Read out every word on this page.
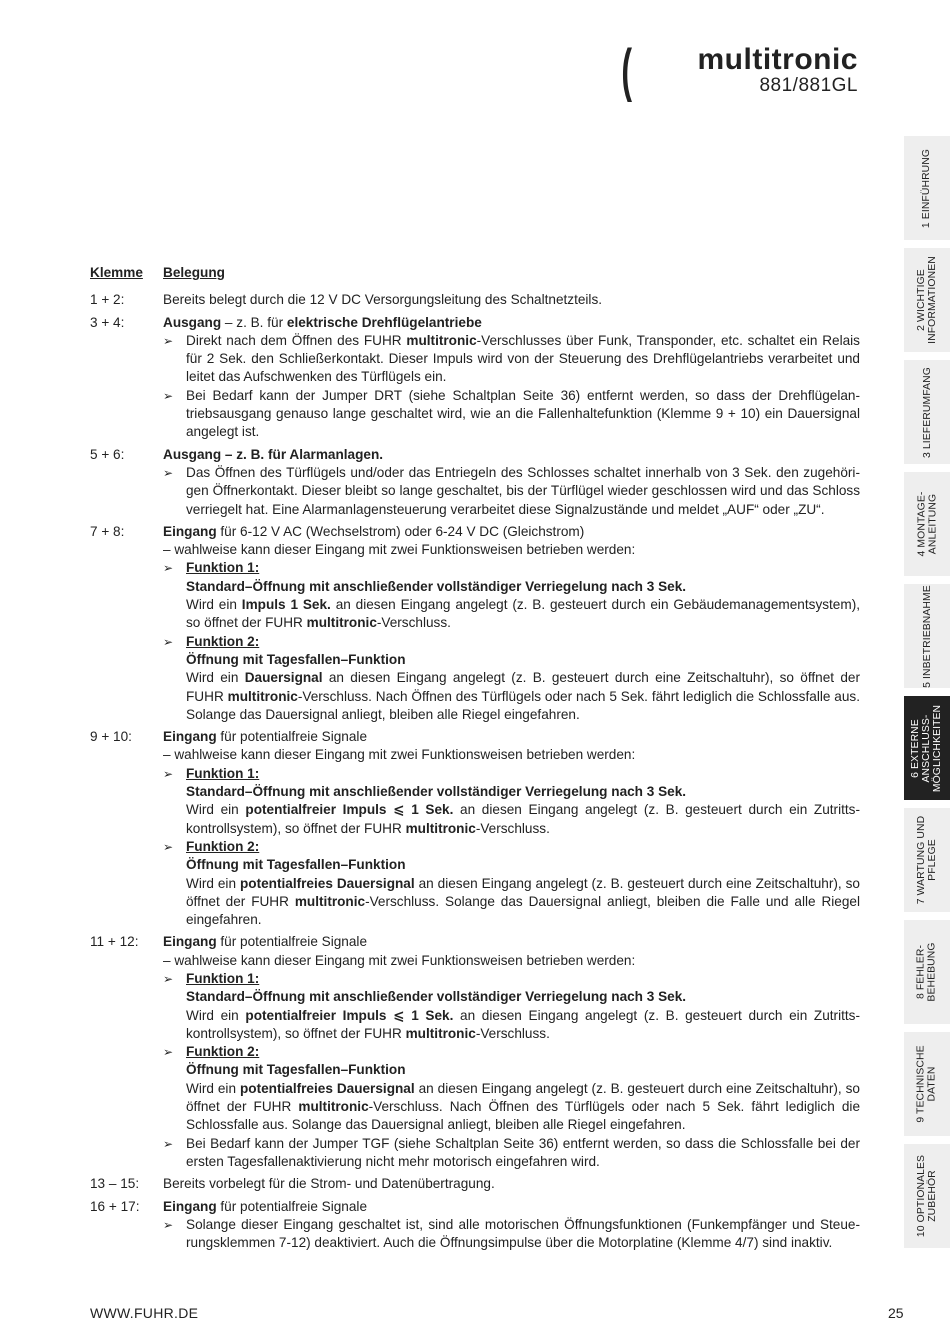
( multitronic
881/881GL
1 EINFÜHRUNG
2 WICHTIGE
INFORMATIONEN
3 LIEFERUMFANG
4 MONTAGE-
ANLEITUNG
5 INBETRIEBNAHME
6 EXTERNE
ANSCHLUSS-
MÖGLICHKEITEN
7 WARTUNG UND
PFLEGE
8 FEHLER-
BEHEBUNG
9 TECHNISCHE
DATEN
10 OPTIONALES
ZUBEHÖR
Klemme	Belegung
1 + 2:	Bereits belegt durch die 12 V DC Versorgungsleitung des Schaltnetzteils.
3 + 4:	Ausgang – z. B. für elektrische Drehflügelantriebe
➢ Direkt nach dem Öffnen des FUHR multitronic-Verschlusses über Funk, Transponder, etc. schaltet ein Relais für 2 Sek. den Schließerkontakt. Dieser Impuls wird von der Steuerung des Drehflügelantriebs verarbeitet und leitet das Aufschwenken des Türflügels ein.
➢ Bei Bedarf kann der Jumper DRT (siehe Schaltplan Seite 36) entfernt werden, so dass der Drehflügelantriebsausgang genauso lange geschaltet wird, wie an die Fallenhaltefunktion (Klemme 9 + 10) ein Dauersignal angelegt ist.
5 + 6:	Ausgang – z. B. für Alarmanlagen.
➢ Das Öffnen des Türflügels und/oder das Entriegeln des Schlosses schaltet innerhalb von 3 Sek. den zugehörigen Öffnerkontakt. Dieser bleibt so lange geschaltet, bis der Türflügel wieder geschlossen wird und das Schloss verriegelt hat. Eine Alarmanlagensteuerung verarbeitet diese Signalzustände und meldet „AUF“ oder „ZU“.
7 + 8:	Eingang für 6-12 V AC (Wechselstrom) oder 6-24 V DC (Gleichstrom)
– wahlweise kann dieser Eingang mit zwei Funktionsweisen betrieben werden:
➢ Funktion 1:
Standard–Öffnung mit anschließender vollständiger Verriegelung nach 3 Sek.
Wird ein Impuls 1 Sek. an diesen Eingang angelegt (z. B. gesteuert durch ein Gebäudemanagementsystem), so öffnet der FUHR multitronic-Verschluss.
➢ Funktion 2:
Öffnung mit Tagesfallen–Funktion
Wird ein Dauersignal an diesen Eingang angelegt (z. B. gesteuert durch eine Zeitschaltuhr), so öffnet der FUHR multitronic-Verschluss. Nach Öffnen des Türflügels oder nach 5 Sek. fährt lediglich die Schlossfalle aus. Solange das Dauersignal anliegt, bleiben alle Riegel eingefahren.
9 + 10:	Eingang für potentialfreie Signale
– wahlweise kann dieser Eingang mit zwei Funktionsweisen betrieben werden:
➢ Funktion 1:
Standard–Öffnung mit anschließender vollständiger Verriegelung nach 3 Sek.
Wird ein potentialfreier Impuls ⩽ 1 Sek. an diesen Eingang angelegt (z. B. gesteuert durch ein Zutrittskontrollsystem), so öffnet der FUHR multitronic-Verschluss.
➢ Funktion 2:
Öffnung mit Tagesfallen–Funktion
Wird ein potentialfreies Dauersignal an diesen Eingang angelegt (z. B. gesteuert durch eine Zeitschaltuhr), so öffnet der FUHR multitronic-Verschluss. Solange das Dauersignal anliegt, bleiben die Falle und alle Riegel eingefahren.
11 + 12:	Eingang für potentialfreie Signale
– wahlweise kann dieser Eingang mit zwei Funktionsweisen betrieben werden:
➢ Funktion 1:
Standard–Öffnung mit anschließender vollständiger Verriegelung nach 3 Sek.
Wird ein potentialfreier Impuls ⩽ 1 Sek. an diesen Eingang angelegt (z. B. gesteuert durch ein Zutrittskontrollsystem), so öffnet der FUHR multitronic-Verschluss.
➢ Funktion 2:
Öffnung mit Tagesfallen–Funktion
Wird ein potentialfreies Dauersignal an diesen Eingang angelegt (z. B. gesteuert durch eine Zeitschaltuhr), so öffnet der FUHR multitronic-Verschluss. Nach Öffnen des Türflügels oder nach 5 Sek. fährt lediglich die Schlossfalle aus. Solange das Dauersignal anliegt, bleiben alle Riegel eingefahren.
➢ Bei Bedarf kann der Jumper TGF (siehe Schaltplan Seite 36) entfernt werden, so dass die Schlossfalle bei der ersten Tagesfallenaktivierung nicht mehr motorisch eingefahren wird.
13 – 15:	Bereits vorbelegt für die Strom- und Datenübertragung.
16 + 17:	Eingang für potentialfreie Signale
➢ Solange dieser Eingang geschaltet ist, sind alle motorischen Öffnungsfunktionen (Funkempfänger und Steuerungsklemmen 7-12) deaktiviert. Auch die Öffnungsimpulse über die Motorplatine (Klemme 4/7) sind inaktiv.
WWW.FUHR.DE	25
